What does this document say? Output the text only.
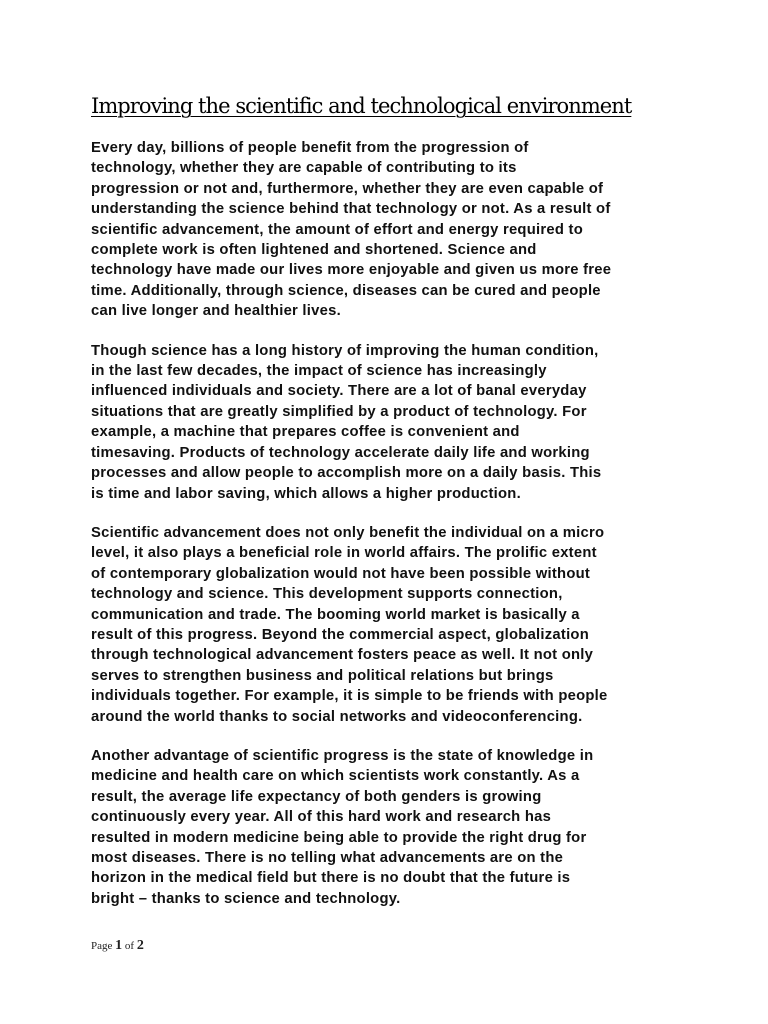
Improving the scientific and technological environment

Every day, billions of people benefit from the progression of
technology, whether they are capable of contributing to its
progression or not and, furthermore, whether they are even capable of
understanding the science behind that technology or not. As a result of
scientific advancement, the amount of effort and energy required to
complete work is often lightened and shortened. Science and
technology have made our lives more enjoyable and given us more free
time. Additionally, through science, diseases can be cured and people
can live longer and healthier lives.

Though science has a long history of improving the human condition,
in the last few decades, the impact of science has increasingly
influenced individuals and society. There are a lot of banal everyday
situations that are greatly simplified by a product of technology. For
example, a machine that prepares coffee is convenient and
timesaving. Products of technology accelerate daily life and working
processes and allow people to accomplish more on a daily basis. This
is time and labor saving, which allows a higher production.

Scientific advancement does not only benefit the individual on a micro
level, it also plays a beneficial role in world affairs. The prolific extent
of contemporary globalization would not have been possible without
technology and science. This development supports connection,
communication and trade. The booming world market is basically a
result of this progress. Beyond the commercial aspect, globalization
through technological advancement fosters peace as well. It not only
serves to strengthen business and political relations but brings
individuals together. For example, it is simple to be friends with people
around the world thanks to social networks and videoconferencing.

Another advantage of scientific progress is the state of knowledge in
medicine and health care on which scientists work constantly. As a
result, the average life expectancy of both genders is growing
continuously every year. All of this hard work and research has
resulted in modern medicine being able to provide the right drug for
most diseases. There is no telling what advancements are on the
horizon in the medical field but there is no doubt that the future is
bright – thanks to science and technology.

Page 1 of 2
